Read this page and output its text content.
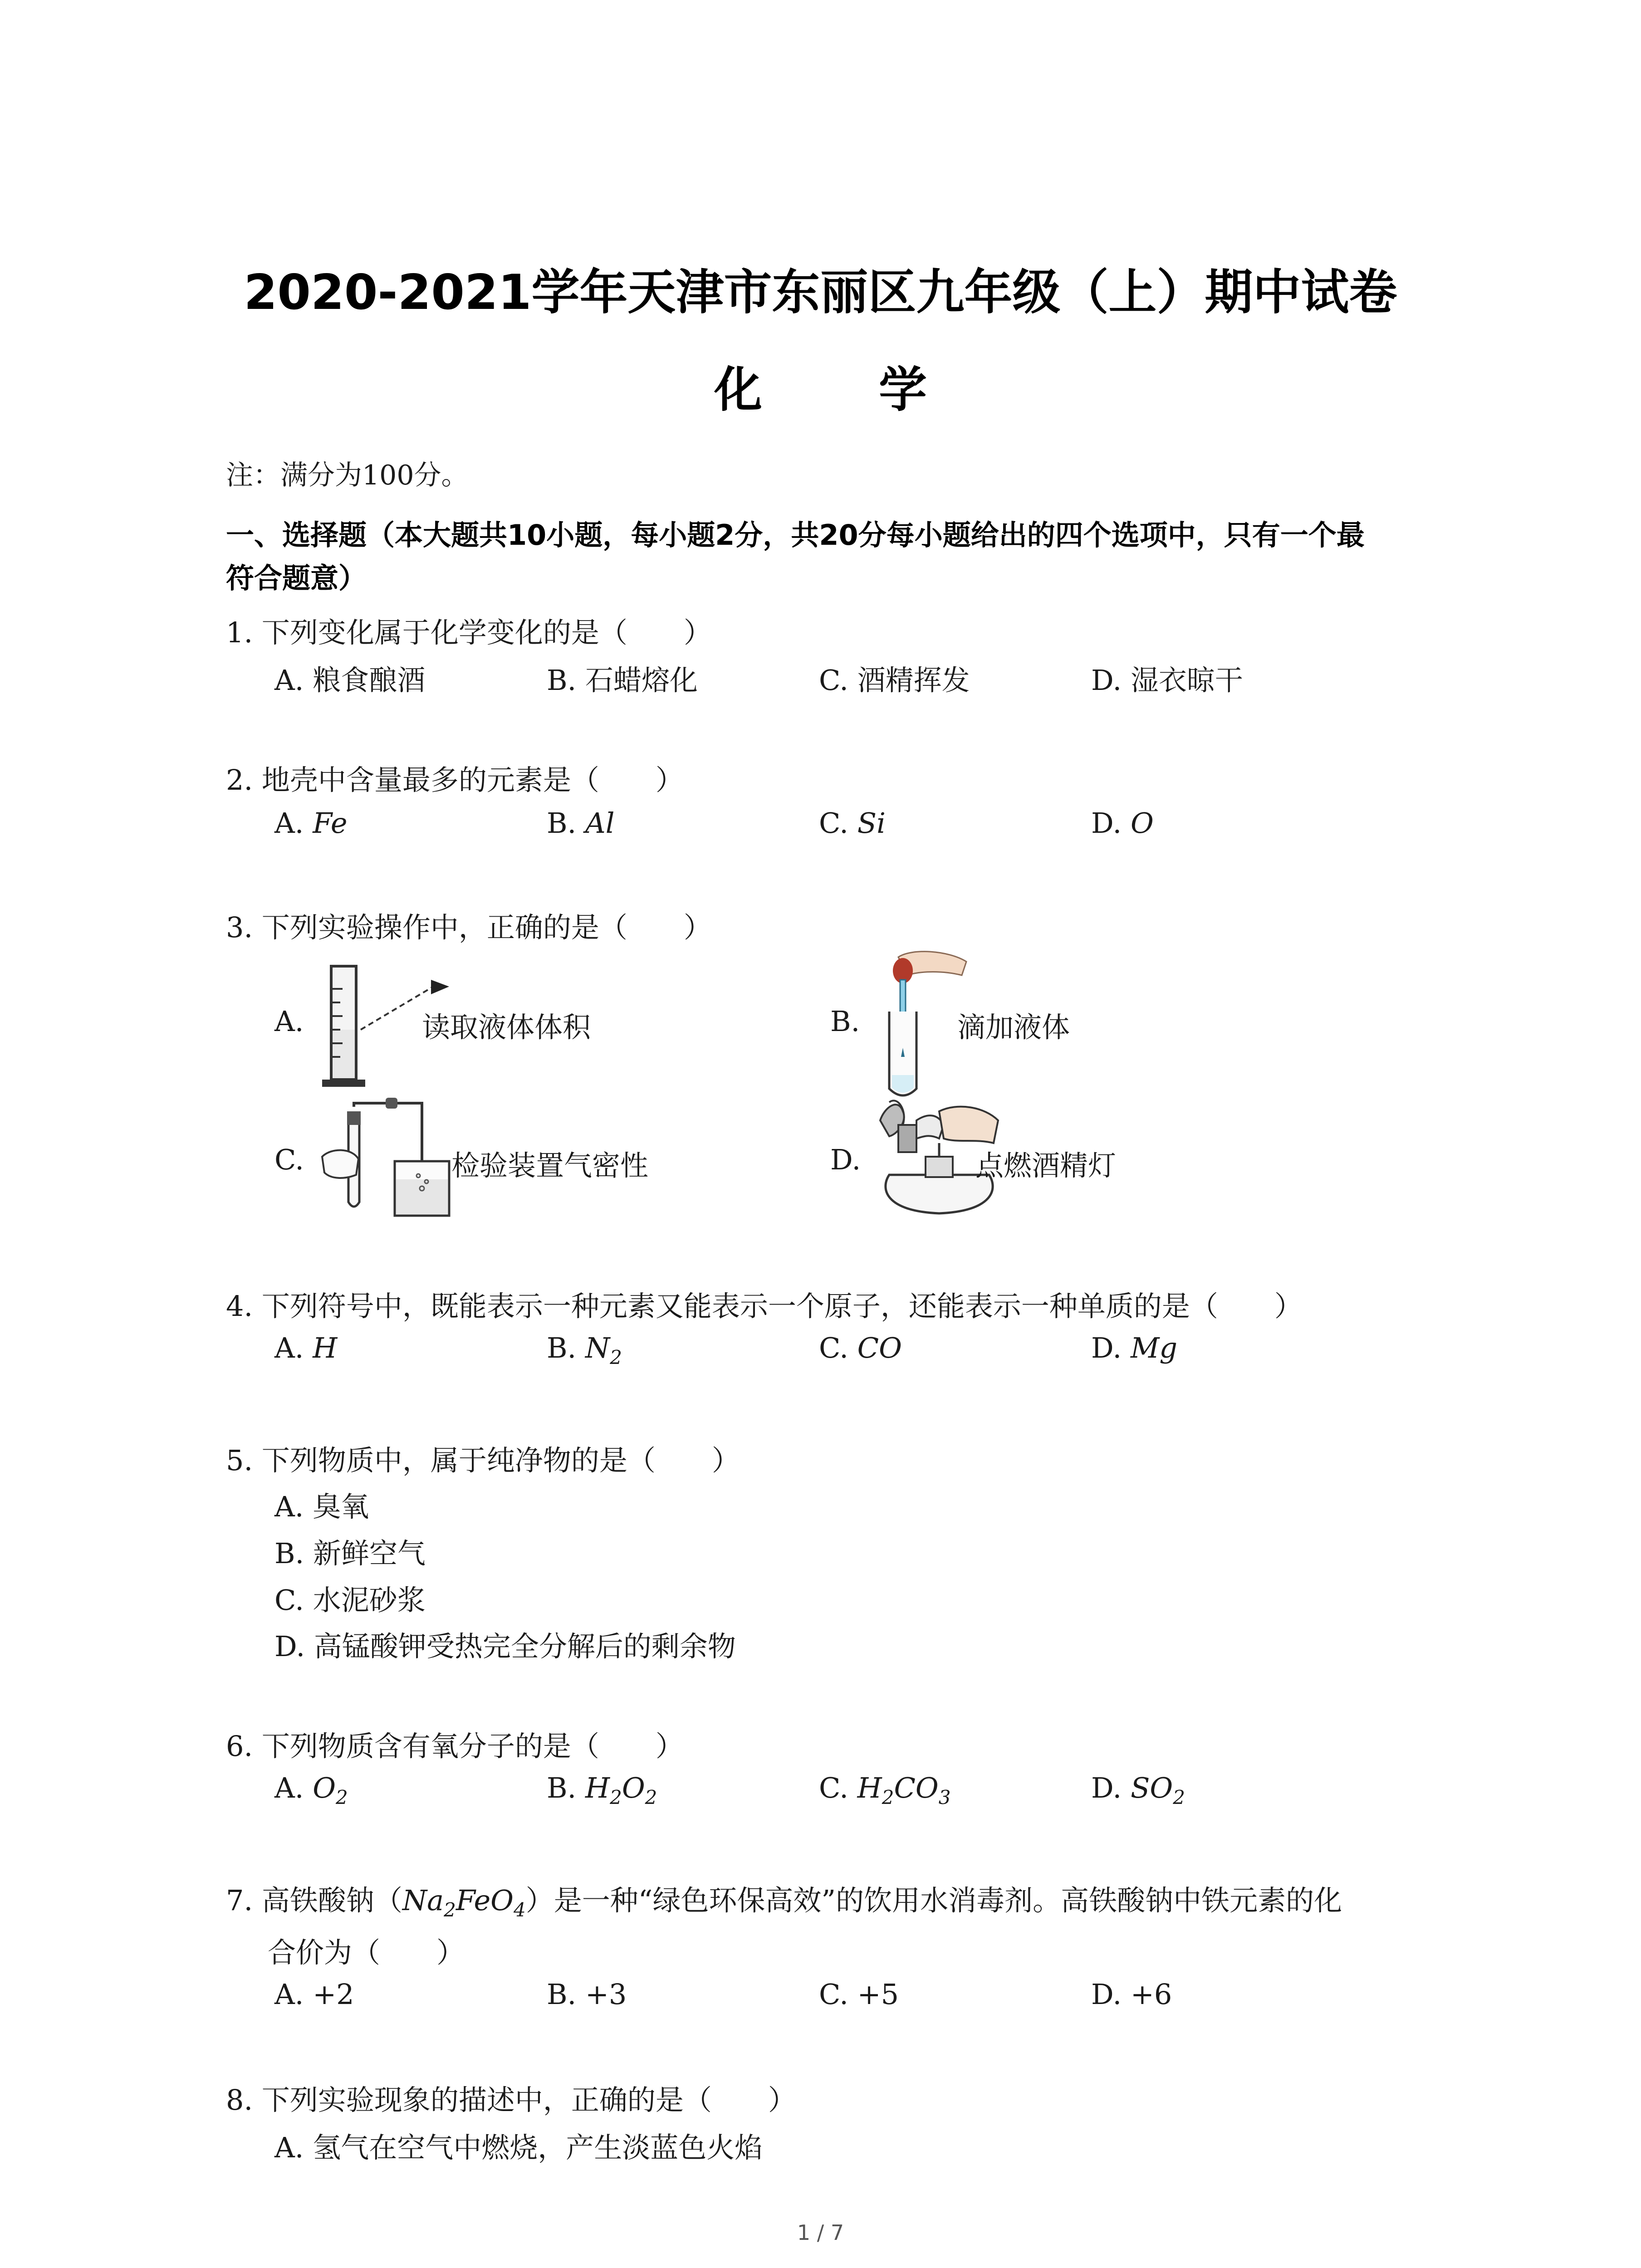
2020-2021学年天津市东丽区九年级（上）期中试卷
化 学
注：满分为100分。
一、选择题（本大题共10小题，每小题2分，共20分每小题给出的四个选项中，只有一个最
符合题意）
1. 下列变化属于化学变化的是（　　）
A. 粮食酿酒	B. 石蜡熔化	C. 酒精挥发	D. 湿衣晾干
2. 地壳中含量最多的元素是（　　）
A. Fe	B. Al	C. Si	D. O
3. 下列实验操作中，正确的是（　　）
A.	读取液体体积	B.	滴加液体
C.	检验装置气密性	D.	点燃酒精灯
4. 下列符号中，既能表示一种元素又能表示一个原子，还能表示一种单质的是（　　）
A. H	B. $N_2$	C. CO	D. Mg
5. 下列物质中，属于纯净物的是（　　）
A. 臭氧
B. 新鲜空气
C. 水泥砂浆
D. 高锰酸钾受热完全分解后的剩余物
6. 下列物质含有氧分子的是（　　）
A. $O_2$	B. $H_2O_2$	C. $H_2CO_3$	D. $SO_2$
7. 高铁酸钠$(Na_2FeO_4)$是一种“绿色环保高效”的饮用水消毒剂。高铁酸钠中铁元素的化
合价为（　　）
A. +2	B. +3	C. +5	D. +6
8. 下列实验现象的描述中，正确的是（　　）
A. 氢气在空气中燃烧，产生淡蓝色火焰
1 / 7
